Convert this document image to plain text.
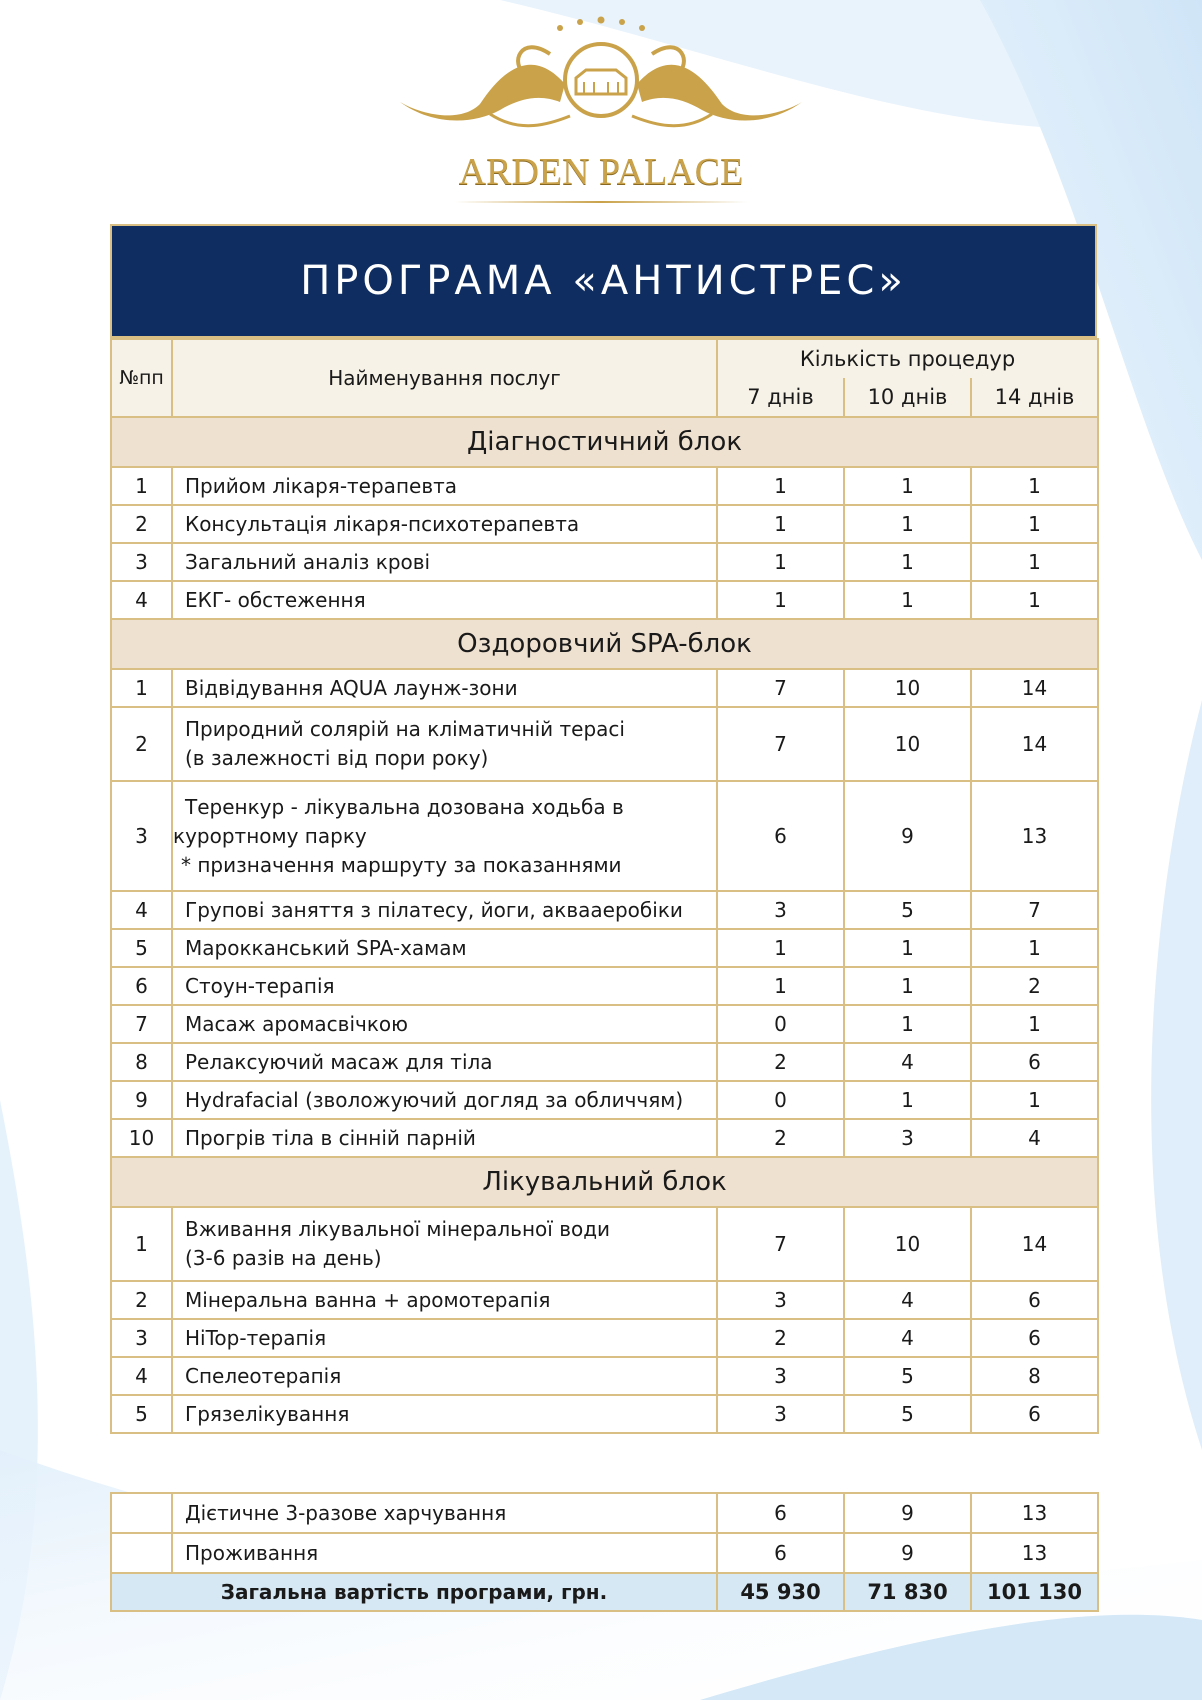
ARDEN PALACE
ПРОГРАМА «АНТИСТРЕС»
№пп	Найменування послуг	Кількість процедур		
		7 днів	10 днів	14 днів
Діагностичний блок				
1	Прийом лікаря-терапевта	1	1	1
2	Консультація лікаря-психотерапевта	1	1	1
3	Загальний аналіз крові	1	1	1
4	ЕКГ- обстеження	1	1	1
Оздоровчий SPA-блок				
1	Відвідування AQUA лаунж-зони	7	10	14
2	Природний солярій на кліматичній терасі
(в залежності від пори року)	7	10	14
3	Теренкур - лікувальна дозована ходьба в
курортному парку
* призначення маршруту за показаннями	6	9	13
4	Групові заняття з пілатесу, йоги, аквааеробіки	3	5	7
5	Марокканський SPA-хамам	1	1	1
6	Стоун-терапія	1	1	2
7	Масаж аромасвічкою	0	1	1
8	Релаксуючий масаж для тіла	2	4	6
9	Hydrafacial (зволожуючий догляд за обличчям)	0	1	1
10	Прогрів тіла в сінній парній	2	3	4
Лікувальний блок				
1	Вживання лікувальної мінеральної води
(3-6 разів на день)	7	10	14
2	Мінеральна ванна + аромотерапія	3	4	6
3	HiTop-терапія	2	4	6
4	Спелеотерапія	3	5	8
5	Грязелікування	3	5	6
	Дієтичне 3-разове харчування	6	9	13
	Проживання	6	9	13
Загальна вартість програми, грн.		45 930	71 830	101 130
